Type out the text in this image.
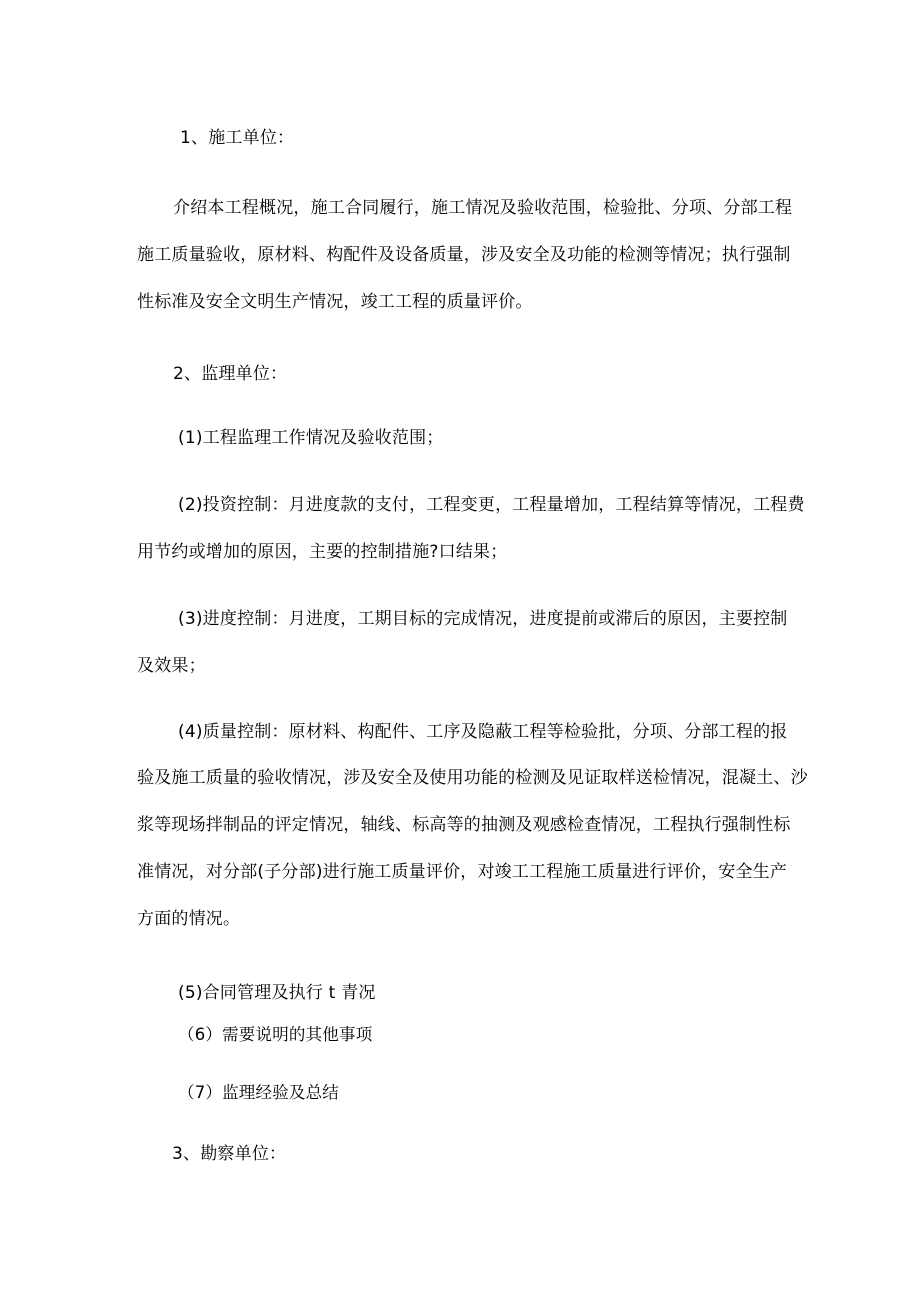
1、施工单位：
介绍本工程概况，施工合同履行，施工情况及验收范围，检验批、分项、分部工程
施工质量验收，原材料、构配件及设备质量，涉及安全及功能的检测等情况；执行强制
性标准及安全文明生产情况，竣工工程的质量评价。
2、监理单位：
(1)工程监理工作情况及验收范围；
(2)投资控制：月进度款的支付，工程变更，工程量增加，工程结算等情况，工程费
用节约或增加的原因，主要的控制措施?口结果；
(3)进度控制：月进度，工期目标的完成情况，进度提前或滞后的原因，主要控制
及效果；
(4)质量控制：原材料、构配件、工序及隐蔽工程等检验批，分项、分部工程的报
验及施工质量的验收情况，涉及安全及使用功能的检测及见证取样送检情况，混凝土、沙
浆等现场拌制品的评定情况，轴线、标高等的抽测及观感检查情况，工程执行强制性标
准情况，对分部(子分部)进行施工质量评价，对竣工工程施工质量进行评价，安全生产
方面的情况。
(5)合同管理及执行 t 青况
（6）需要说明的其他事项
（7）监理经验及总结
3、勘察单位：
